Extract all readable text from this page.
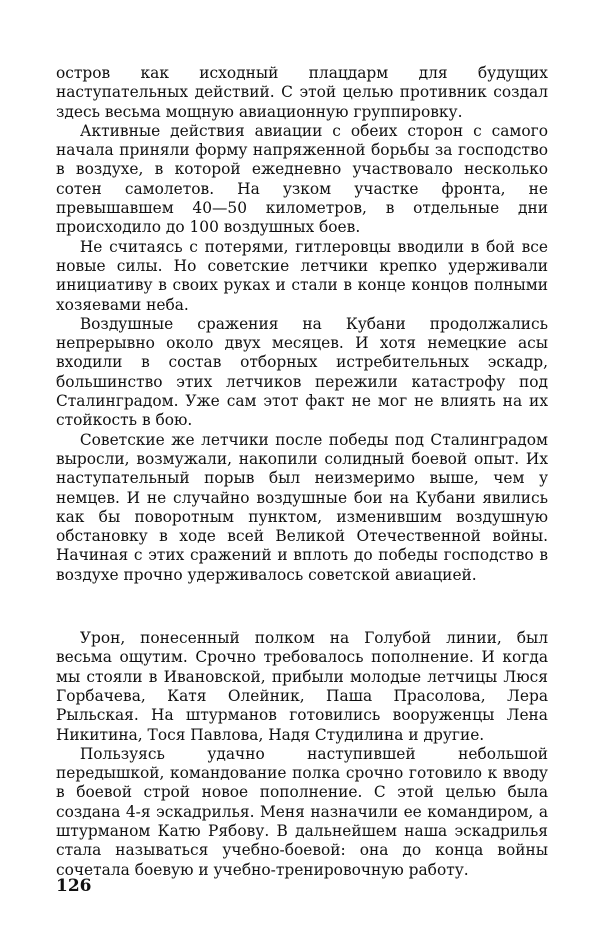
остров как исходный плацдарм для будущих наступательных действий. С этой целью противник создал здесь весьма мощную авиационную группировку.

Активные действия авиации с обеих сторон с самого начала приняли форму напряженной борьбы за господство в воздухе, в которой ежедневно участвовало несколько сотен самолетов. На узком участке фронта, не превышавшем 40—50 километров, в отдельные дни происходило до 100 воздушных боев.

Не считаясь с потерями, гитлеровцы вводили в бой все новые силы. Но советские летчики крепко удерживали инициативу в своих руках и стали в конце концов полными хозяевами неба.

Воздушные сражения на Кубани продолжались непрерывно около двух месяцев. И хотя немецкие асы входили в состав отборных истребительных эскадр, большинство этих летчиков пережили катастрофу под Сталинградом. Уже сам этот факт не мог не влиять на их стойкость в бою.

Советские же летчики после победы под Сталинградом выросли, возмужали, накопили солидный боевой опыт. Их наступательный порыв был неизмеримо выше, чем у немцев. И не случайно воздушные бои на Кубани явились как бы поворотным пунктом, изменившим воздушную обстановку в ходе всей Великой Отечественной войны. Начиная с этих сражений и вплоть до победы господство в воздухе прочно удерживалось советской авиацией.

Урон, понесенный полком на Голубой линии, был весьма ощутим. Срочно требовалось пополнение. И когда мы стояли в Ивановской, прибыли молодые летчицы Люся Горбачева, Катя Олейник, Паша Прасолова, Лера Рыльская. На штурманов готовились вооруженцы Лена Никитина, Тося Павлова, Надя Студилина и другие.

Пользуясь удачно наступившей небольшой передышкой, командование полка срочно готовило к вводу в боевой строй новое пополнение. С этой целью была создана 4-я эскадрилья. Меня назначили ее командиром, а штурманом Катю Рябову. В дальнейшем наша эскадрилья стала называться учебно-боевой: она до конца войны сочетала боевую и учебно-тренировочную работу.

126
